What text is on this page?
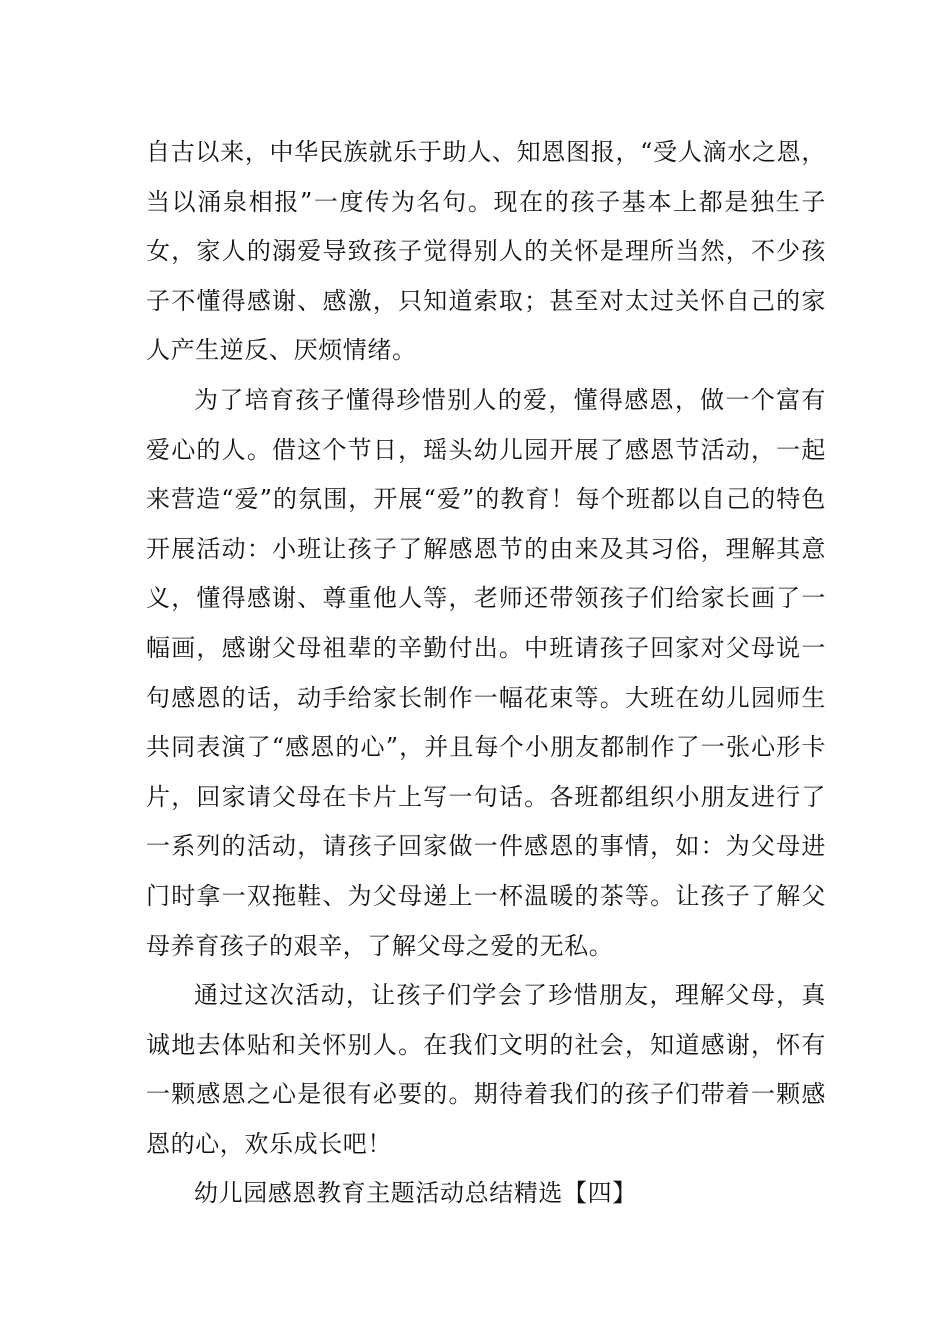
自古以来，中华民族就乐于助人、知恩图报，“受人滴水之恩，当以涌泉相报”一度传为名句。现在的孩子基本上都是独生子女，家人的溺爱导致孩子觉得别人的关怀是理所当然，不少孩子不懂得感谢、感激，只知道索取；甚至对太过关怀自己的家人产生逆反、厌烦情绪。

为了培育孩子懂得珍惜别人的爱，懂得感恩，做一个富有爱心的人。借这个节日，瑶头幼儿园开展了感恩节活动，一起来营造“爱”的氛围，开展“爱”的教育！每个班都以自己的特色开展活动：小班让孩子了解感恩节的由来及其习俗，理解其意义，懂得感谢、尊重他人等，老师还带领孩子们给家长画了一幅画，感谢父母祖辈的辛勤付出。中班请孩子回家对父母说一句感恩的话，动手给家长制作一幅花束等。大班在幼儿园师生共同表演了“感恩的心”，并且每个小朋友都制作了一张心形卡片，回家请父母在卡片上写一句话。各班都组织小朋友进行了一系列的活动，请孩子回家做一件感恩的事情，如：为父母进门时拿一双拖鞋、为父母递上一杯温暖的茶等。让孩子了解父母养育孩子的艰辛，了解父母之爱的无私。

通过这次活动，让孩子们学会了珍惜朋友，理解父母，真诚地去体贴和关怀别人。在我们文明的社会，知道感谢，怀有一颗感恩之心是很有必要的。期待着我们的孩子们带着一颗感恩的心，欢乐成长吧！

幼儿园感恩教育主题活动总结精选【四】
